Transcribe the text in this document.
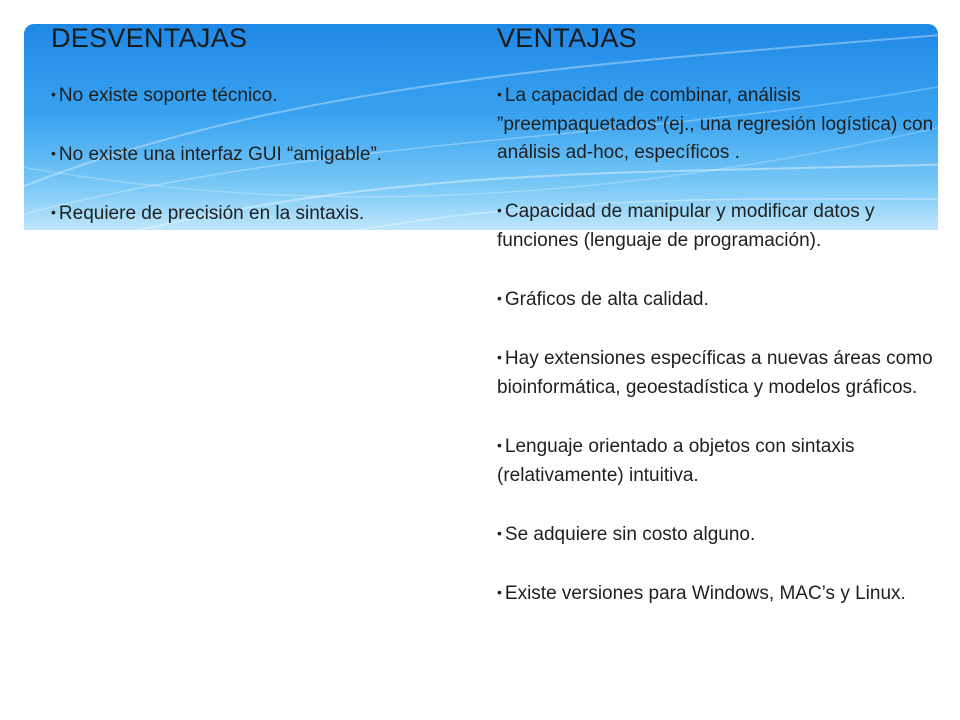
DESVENTAJAS
• No existe soporte técnico.
• No existe una interfaz GUI “amigable”.
• Requiere de precisión en la sintaxis.
VENTAJAS
• La capacidad de combinar, análisis ”preempaquetados”(ej., una regresión logística) con análisis ad-hoc, específicos .
• Capacidad de manipular y modificar datos y funciones (lenguaje de programación).
• Gráficos de alta calidad.
• Hay extensiones específicas a nuevas áreas como bioinformática, geoestadística y modelos gráficos.
• Lenguaje orientado a objetos con sintaxis (relativamente) intuitiva.
• Se adquiere sin costo alguno.
• Existe versiones para Windows, MAC’s y Linux.
